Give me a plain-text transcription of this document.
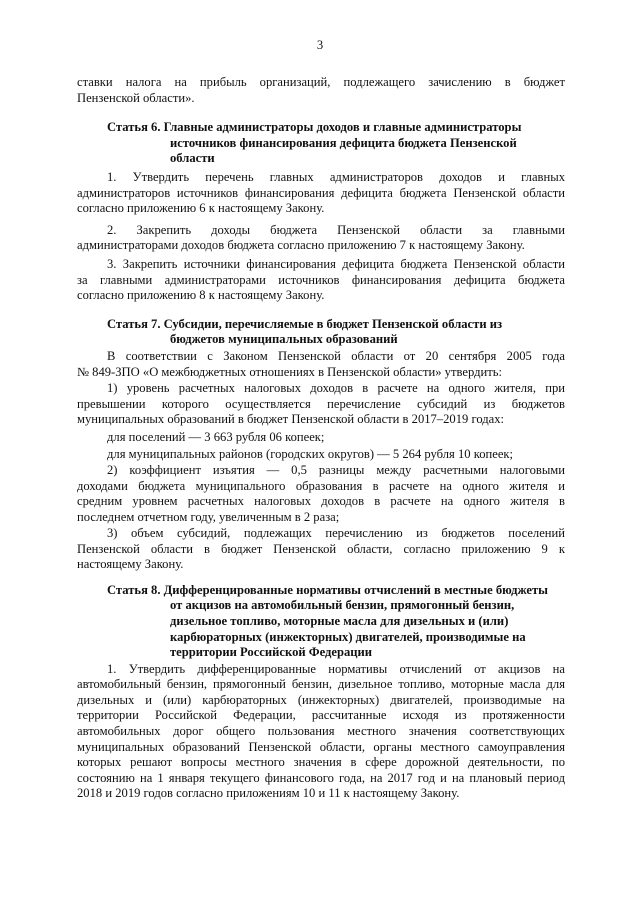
3
ставки налога на прибыль организаций, подлежащего зачислению в бюджет
Пензенской области».
Статья 6. Главные администраторы доходов и главные администраторы
источников финансирования дефицита бюджета Пензенской
области
1. Утвердить перечень главных администраторов доходов и главных
администраторов источников финансирования дефицита бюджета Пензенской области
согласно приложению 6 к настоящему Закону.
2. Закрепить доходы бюджета Пензенской области за главными
администраторами доходов бюджета согласно приложению 7 к настоящему Закону.
3. Закрепить источники финансирования дефицита бюджета Пензенской области
за главными администраторами источников финансирования дефицита бюджета
согласно приложению 8 к настоящему Закону.
Статья 7. Субсидии, перечисляемые в бюджет Пензенской области из
бюджетов муниципальных образований
В соответствии с Законом Пензенской области от 20 сентября 2005 года
№ 849-ЗПО «О межбюджетных отношениях в Пензенской области» утвердить:
1) уровень расчетных налоговых доходов в расчете на одного жителя, при
превышении которого осуществляется перечисление субсидий из бюджетов
муниципальных образований в бюджет Пензенской области в 2017–2019 годах:
для поселений — 3 663 рубля 06 копеек;
для муниципальных районов (городских округов) — 5 264 рубля 10 копеек;
2) коэффициент изъятия — 0,5 разницы между расчетными налоговыми
доходами бюджета муниципального образования в расчете на одного жителя и
средним уровнем расчетных налоговых доходов в расчете на одного жителя в
последнем отчетном году, увеличенным в 2 раза;
3) объем субсидий, подлежащих перечислению из бюджетов поселений
Пензенской области в бюджет Пензенской области, согласно приложению 9 к
настоящему Закону.
Статья 8. Дифференцированные нормативы отчислений в местные бюджеты
от акцизов на автомобильный бензин, прямогонный бензин,
дизельное топливо, моторные масла для дизельных и (или)
карбюраторных (инжекторных) двигателей, производимые на
территории Российской Федерации
1. Утвердить дифференцированные нормативы отчислений от акцизов на
автомобильный бензин, прямогонный бензин, дизельное топливо, моторные масла для
дизельных и (или) карбюраторных (инжекторных) двигателей, производимые на
территории Российской Федерации, рассчитанные исходя из протяженности
автомобильных дорог общего пользования местного значения соответствующих
муниципальных образований Пензенской области, органы местного самоуправления
которых решают вопросы местного значения в сфере дорожной деятельности, по
состоянию на 1 января текущего финансового года, на 2017 год и на плановый период
2018 и 2019 годов согласно приложениям 10 и 11 к настоящему Закону.
